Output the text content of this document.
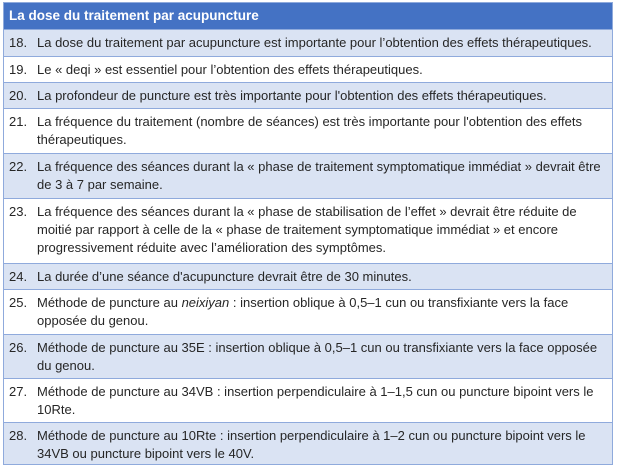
La dose du traitement par acupuncture
18. La dose du traitement par acupuncture est importante pour l’obtention des effets thérapeutiques.
19. Le « deqi » est essentiel pour l’obtention des effets thérapeutiques.
20. La profondeur de puncture est très importante pour l'obtention des effets thérapeutiques.
21. La fréquence du traitement (nombre de séances) est très importante pour l'obtention des effets thérapeutiques.
22. La fréquence des séances durant la « phase de traitement symptomatique immédiat » devrait être de 3 à 7 par semaine.
23. La fréquence des séances durant la « phase de stabilisation de l’effet » devrait être réduite de moitié par rapport à celle de la « phase de traitement symptomatique immédiat » et encore progressivement réduite avec l’amélioration des symptômes.
24. La durée d’une séance d'acupuncture devrait être de 30 minutes.
25. Méthode de puncture au neixiyan : insertion oblique à 0,5–1 cun ou transfixiante vers la face opposée du genou.
26. Méthode de puncture au 35E : insertion oblique à 0,5–1 cun ou transfixiante vers la face opposée du genou.
27. Méthode de puncture au 34VB : insertion perpendiculaire à 1–1,5 cun ou puncture bipoint vers le 10Rte.
28. Méthode de puncture au 10Rte : insertion perpendiculaire à 1–2 cun ou puncture bipoint vers le 34VB ou puncture bipoint vers le 40V.
